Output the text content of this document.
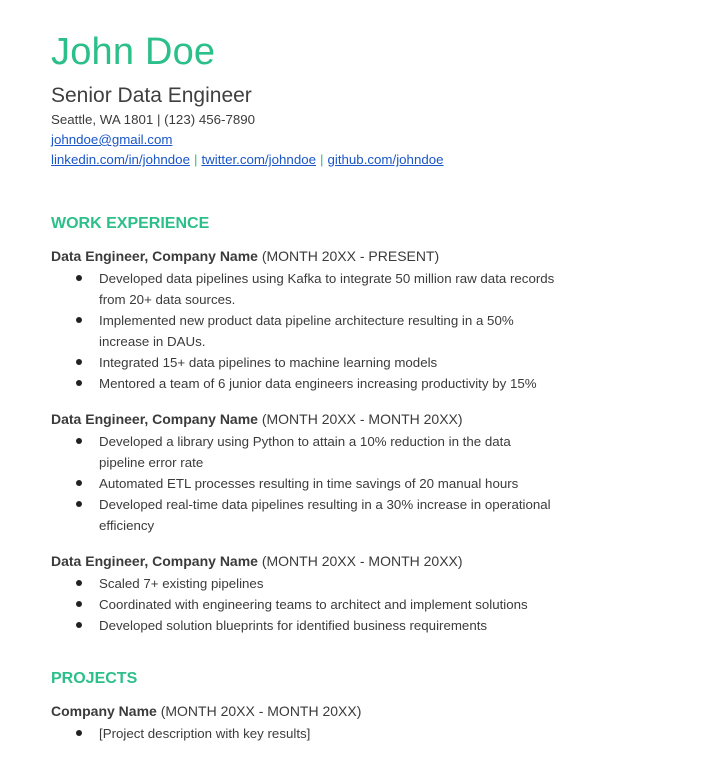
John Doe
Senior Data Engineer
Seattle, WA 1801 | (123) 456-7890
johndoe@gmail.com
linkedin.com/in/johndoe | twitter.com/johndoe | github.com/johndoe
WORK EXPERIENCE
Data Engineer, Company Name (MONTH 20XX - PRESENT)
Developed data pipelines using Kafka to integrate 50 million raw data records from 20+ data sources.
Implemented new product data pipeline architecture resulting in a 50% increase in DAUs.
Integrated 15+ data pipelines to machine learning models
Mentored a team of 6 junior data engineers increasing productivity by 15%
Data Engineer, Company Name (MONTH 20XX - MONTH 20XX)
Developed a library using Python to attain a 10% reduction in the data pipeline error rate
Automated ETL processes resulting in time savings of 20 manual hours
Developed real-time data pipelines resulting in a 30% increase in operational efficiency
Data Engineer, Company Name (MONTH 20XX - MONTH 20XX)
Scaled 7+ existing pipelines
Coordinated with engineering teams to architect and implement solutions
Developed solution blueprints for identified business requirements
PROJECTS
Company Name (MONTH 20XX - MONTH 20XX)
[Project description with key results]
